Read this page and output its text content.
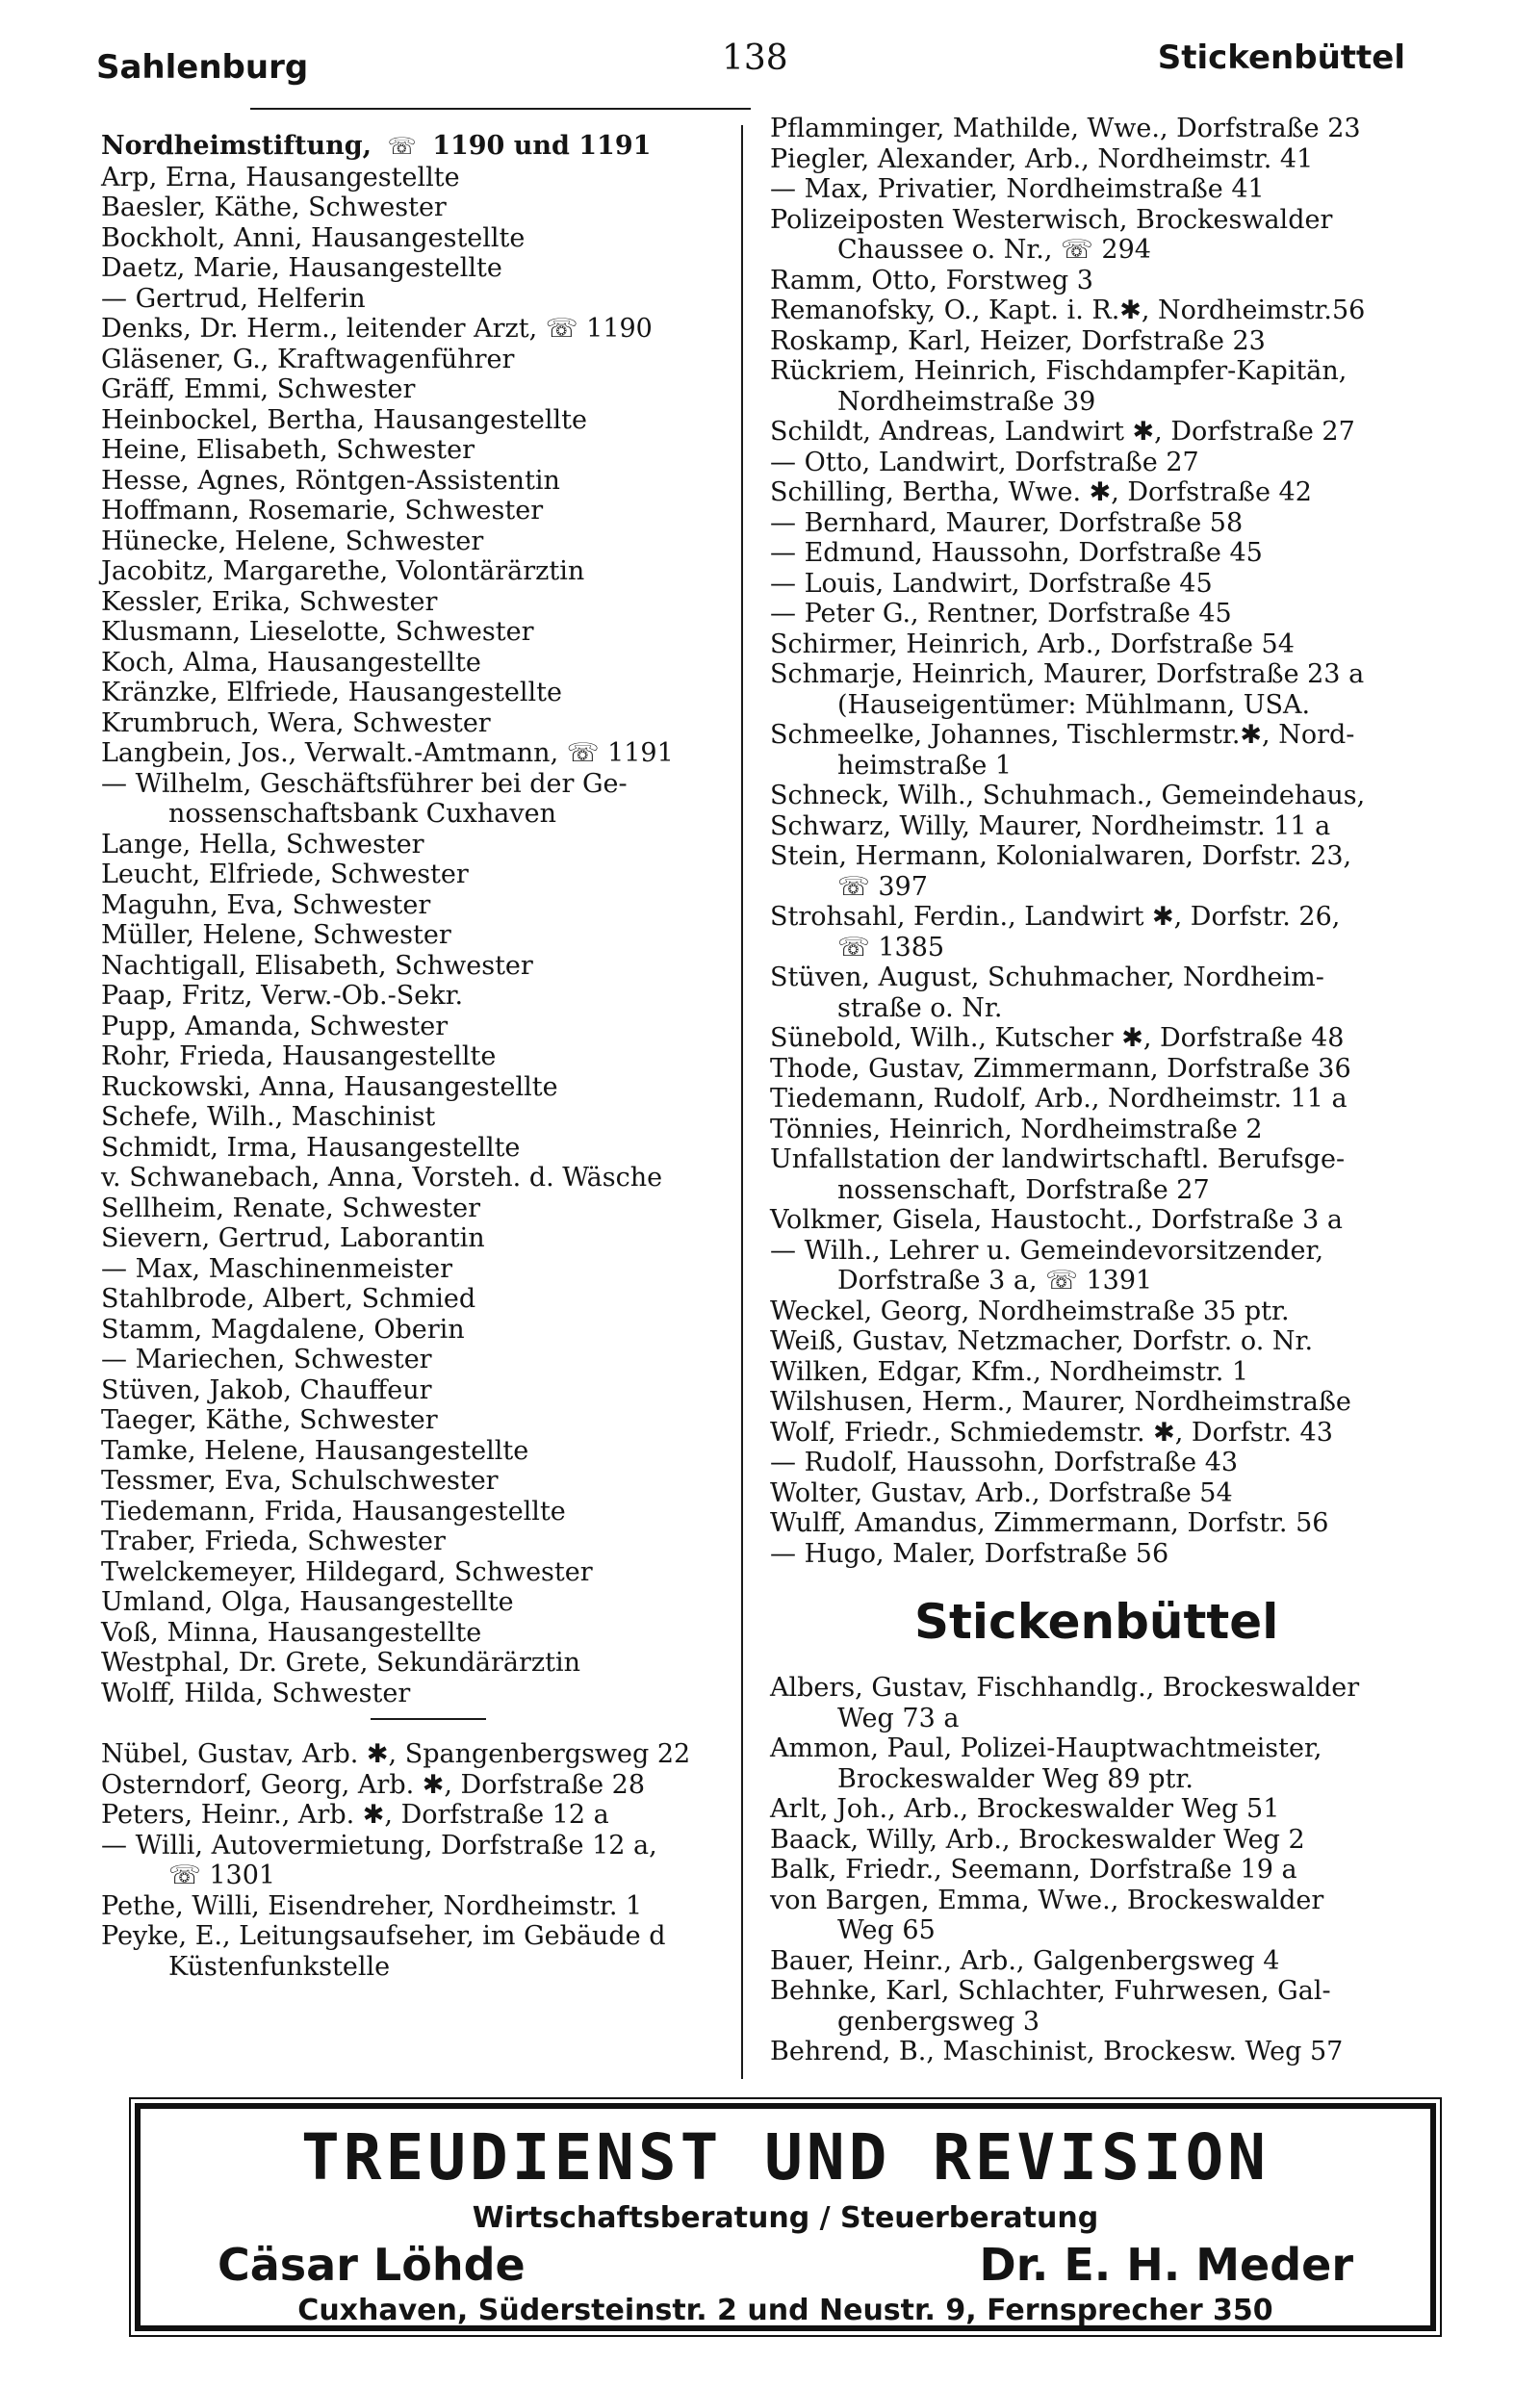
Sahlenburg	138	Stickenbüttel
Nordheimstiftung, ☏ 1190 und 1191
Arp, Erna, Hausangestellte
Baesler, Käthe, Schwester
Bockholt, Anni, Hausangestellte
Daetz, Marie, Hausangestellte
— Gertrud, Helferin
Denks, Dr. Herm., leitender Arzt, ☏ 1190
Gläsener, G., Kraftwagenführer
Gräff, Emmi, Schwester
Heinbockel, Bertha, Hausangestellte
Heine, Elisabeth, Schwester
Hesse, Agnes, Röntgen-Assistentin
Hoffmann, Rosemarie, Schwester
Hünecke, Helene, Schwester
Jacobitz, Margarethe, Volontärärztin
Kessler, Erika, Schwester
Klusmann, Lieselotte, Schwester
Koch, Alma, Hausangestellte
Kränzke, Elfriede, Hausangestellte
Krumbruch, Wera, Schwester
Langbein, Jos., Verwalt.-Amtmann, ☏ 1191
— Wilhelm, Geschäftsführer bei der Ge-
nossenschaftsbank Cuxhaven
Lange, Hella, Schwester
Leucht, Elfriede, Schwester
Maguhn, Eva, Schwester
Müller, Helene, Schwester
Nachtigall, Elisabeth, Schwester
Paap, Fritz, Verw.-Ob.-Sekr.
Pupp, Amanda, Schwester
Rohr, Frieda, Hausangestellte
Ruckowski, Anna, Hausangestellte
Schefe, Wilh., Maschinist
Schmidt, Irma, Hausangestellte
v. Schwanebach, Anna, Vorsteh. d. Wäsche
Sellheim, Renate, Schwester
Sievern, Gertrud, Laborantin
— Max, Maschinenmeister
Stahlbrode, Albert, Schmied
Stamm, Magdalene, Oberin
— Mariechen, Schwester
Stüven, Jakob, Chauffeur
Taeger, Käthe, Schwester
Tamke, Helene, Hausangestellte
Tessmer, Eva, Schulschwester
Tiedemann, Frida, Hausangestellte
Traber, Frieda, Schwester
Twelckemeyer, Hildegard, Schwester
Umland, Olga, Hausangestellte
Voß, Minna, Hausangestellte
Westphal, Dr. Grete, Sekundärärztin
Wolff, Hilda, Schwester
Nübel, Gustav, Arb. ✱, Spangenbergsweg 22
Osterndorf, Georg, Arb. ✱, Dorfstraße 28
Peters, Heinr., Arb. ✱, Dorfstraße 12 a
— Willi, Autovermietung, Dorfstraße 12 a,
☏ 1301
Pethe, Willi, Eisendreher, Nordheimstr. 1
Peyke, E., Leitungsaufseher, im Gebäude d
Küstenfunkstelle
Pflamminger, Mathilde, Wwe., Dorfstraße 23
Piegler, Alexander, Arb., Nordheimstr. 41
— Max, Privatier, Nordheimstraße 41
Polizeiposten Westerwisch, Brockeswalder
Chaussee o. Nr., ☏ 294
Ramm, Otto, Forstweg 3
Remanofsky, O., Kapt. i. R.✱, Nordheimstr.56
Roskamp, Karl, Heizer, Dorfstraße 23
Rückriem, Heinrich, Fischdampfer-Kapitän,
Nordheimstraße 39
Schildt, Andreas, Landwirt ✱, Dorfstraße 27
— Otto, Landwirt, Dorfstraße 27
Schilling, Bertha, Wwe. ✱, Dorfstraße 42
— Bernhard, Maurer, Dorfstraße 58
— Edmund, Haussohn, Dorfstraße 45
— Louis, Landwirt, Dorfstraße 45
— Peter G., Rentner, Dorfstraße 45
Schirmer, Heinrich, Arb., Dorfstraße 54
Schmarje, Heinrich, Maurer, Dorfstraße 23 a
(Hauseigentümer: Mühlmann, USA.
Schmeelke, Johannes, Tischlermstr.✱, Nord-
heimstraße 1
Schneck, Wilh., Schuhmach., Gemeindehaus,
Schwarz, Willy, Maurer, Nordheimstr. 11 a
Stein, Hermann, Kolonialwaren, Dorfstr. 23,
☏ 397
Strohsahl, Ferdin., Landwirt ✱, Dorfstr. 26,
☏ 1385
Stüven, August, Schuhmacher, Nordheim-
straße o. Nr.
Sünebold, Wilh., Kutscher ✱, Dorfstraße 48
Thode, Gustav, Zimmermann, Dorfstraße 36
Tiedemann, Rudolf, Arb., Nordheimstr. 11 a
Tönnies, Heinrich, Nordheimstraße 2
Unfallstation der landwirtschaftl. Berufsge-
nossenschaft, Dorfstraße 27
Volkmer, Gisela, Haustocht., Dorfstraße 3 a
— Wilh., Lehrer u. Gemeindevorsitzender,
Dorfstraße 3 a, ☏ 1391
Weckel, Georg, Nordheimstraße 35 ptr.
Weiß, Gustav, Netzmacher, Dorfstr. o. Nr.
Wilken, Edgar, Kfm., Nordheimstr. 1
Wilshusen, Herm., Maurer, Nordheimstraße
Wolf, Friedr., Schmiedemstr. ✱, Dorfstr. 43
— Rudolf, Haussohn, Dorfstraße 43
Wolter, Gustav, Arb., Dorfstraße 54
Wulff, Amandus, Zimmermann, Dorfstr. 56
— Hugo, Maler, Dorfstraße 56
Stickenbüttel
Albers, Gustav, Fischhandlg., Brockeswalder
Weg 73 a
Ammon, Paul, Polizei-Hauptwachtmeister,
Brockeswalder Weg 89 ptr.
Arlt, Joh., Arb., Brockeswalder Weg 51
Baack, Willy, Arb., Brockeswalder Weg 2
Balk, Friedr., Seemann, Dorfstraße 19 a
von Bargen, Emma, Wwe., Brockeswalder
Weg 65
Bauer, Heinr., Arb., Galgenbergsweg 4
Behnke, Karl, Schlachter, Fuhrwesen, Gal-
genbergsweg 3
Behrend, B., Maschinist, Brockesw. Weg 57
TREUDIENST UND REVISION
Wirtschaftsberatung / Steuerberatung
Cäsar Löhde	Dr. E. H. Meder
Cuxhaven, Südersteinstr. 2 und Neustr. 9, Fernsprecher 350
